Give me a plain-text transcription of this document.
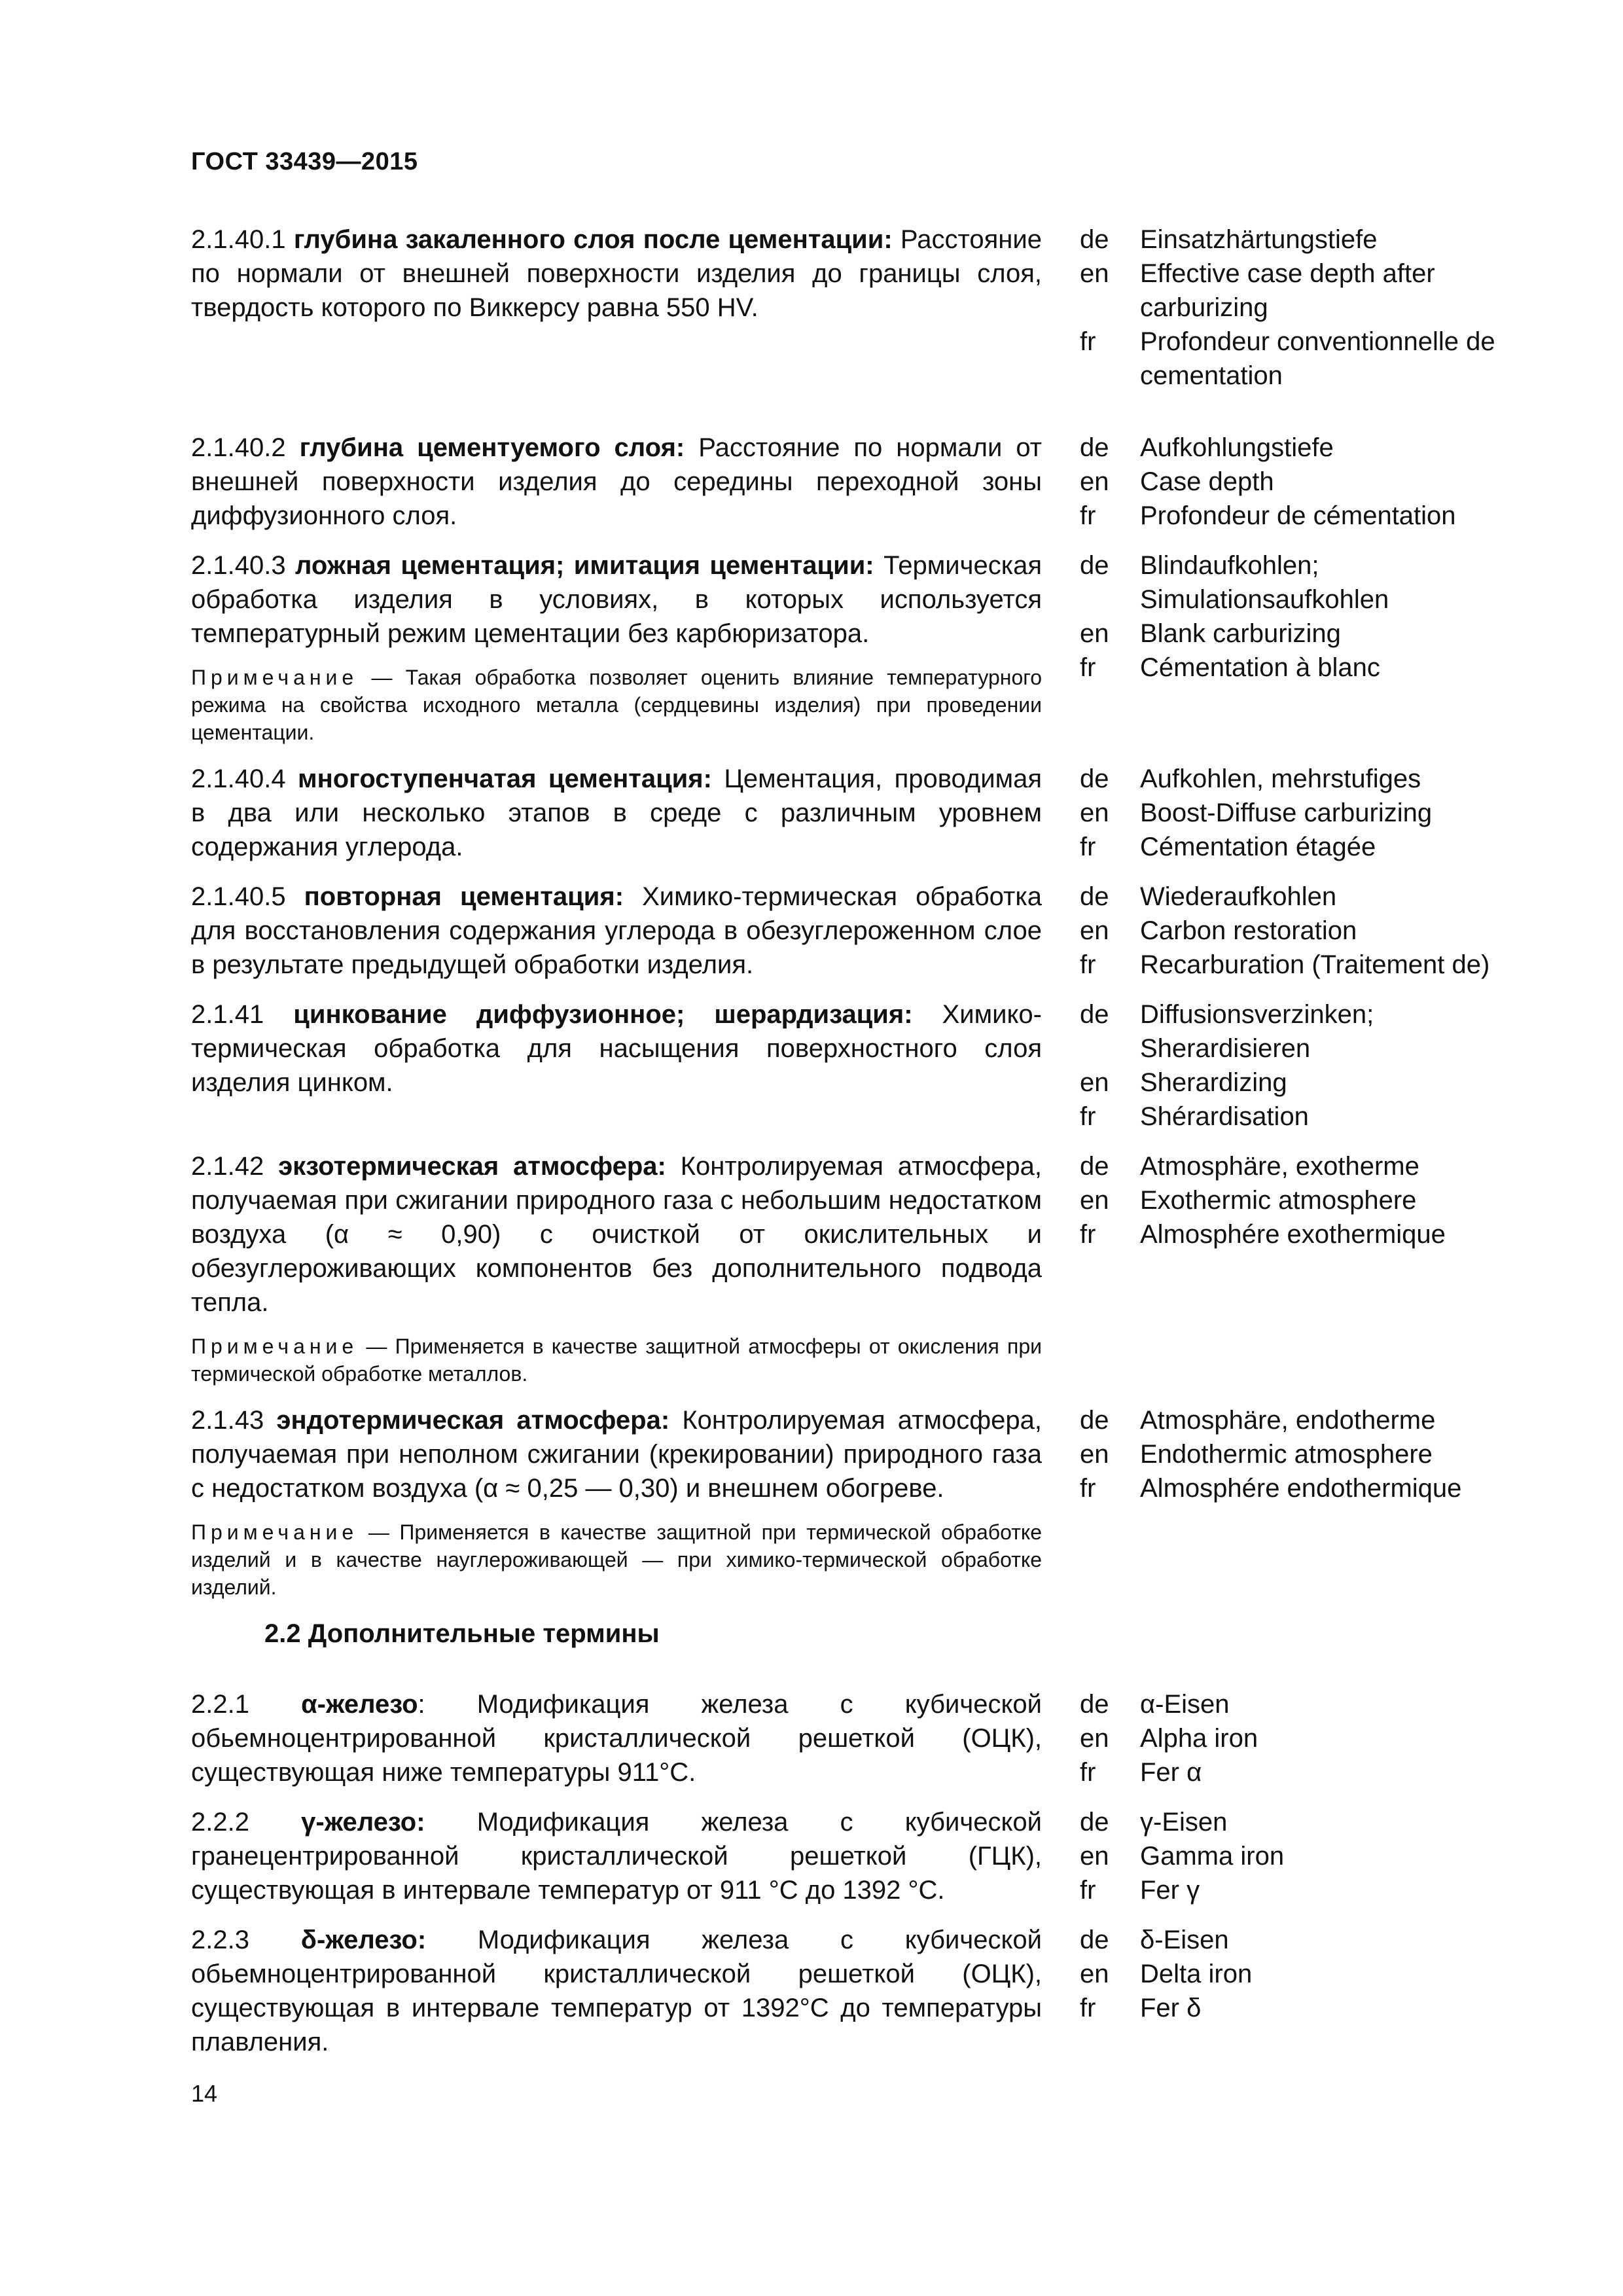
ГОСТ 33439—2015

2.1.40.1 глубина закаленного слоя после цементации: Расстояние по нормали от внешней поверхности изделия до границы слоя, твердость которого по Виккерсу равна 550 HV.

de	Einsatzhärtungstiefe
en	Effective case depth after carburizing
fr	Profondeur conventionnelle de cementation

2.1.40.2 глубина цементуемого слоя: Расстояние по нормали от внешней поверхности изделия до середины переходной зоны диффузионного слоя.

de	Aufkohlungstiefe
en	Case depth
fr	Profondeur de cémentation

2.1.40.3 ложная цементация; имитация цементации: Термическая обработка изделия в условиях, в которых используется температурный режим цементации без карбюризатора.

Примечание — Такая обработка позволяет оценить влияние температурного режима на свойства исходного металла (сердцевины изделия) при проведении цементации.

de	Blindaufkohlen; Simulationsaufkohlen
en	Blank carburizing
fr	Cémentation à blanc

2.1.40.4 многоступенчатая цементация: Цементация, проводимая в два или несколько этапов в среде с различным уровнем содержания углерода.

de	Aufkohlen, mehrstufiges
en	Boost-Diffuse carburizing
fr	Cémentation étagée

2.1.40.5 повторная цементация: Химико-термическая обработка для восстановления содержания углерода в обезуглероженном слое в результате предыдущей обработки изделия.

de	Wiederaufkohlen
en	Carbon restoration
fr	Recarburation (Traitement de)

2.1.41 цинкование диффузионное; шерардизация: Химико-термическая обработка для насыщения поверхностного слоя изделия цинком.

de	Diffusionsverzinken; Sherardisieren
en	Sherardizing
fr	Shérardisation

2.1.42 экзотермическая атмосфера: Контролируемая атмосфера, получаемая при сжигании природного газа с небольшим недостатком воздуха (α ≈ 0,90) с очисткой от окислительных и обезуглероживающих компонентов без дополнительного подвода тепла.

Примечание — Применяется в качестве защитной атмосферы от окисления при термической обработке металлов.

de	Atmosphäre, exotherme
en	Exothermic atmosphere
fr	Almosphére exothermique

2.1.43 эндотермическая атмосфера: Контролируемая атмосфера, получаемая при неполном сжигании (крекировании) природного газа с недостатком воздуха (α ≈ 0,25 — 0,30) и внешнем обогреве.

Примечание — Применяется в качестве защитной при термической обработке изделий и в качестве науглероживающей — при химико-термической обработке изделий.

de	Atmosphäre, endotherme
en	Endothermic atmosphere
fr	Almosphére endothermique
2.2 Дополнительные термины

2.2.1 α-железо: Модификация железа с кубической обьемноцентрированной кристаллической решеткой (ОЦК), существующая ниже температуры 911°С.

de	α-Eisen
en	Alpha iron
fr	Fer α

2.2.2 γ-железо: Модификация железа с кубической гранецентрированной кристаллической решеткой (ГЦК), существующая в интервале температур от 911 °С до 1392 °С.

de	γ-Eisen
en	Gamma iron
fr	Fer γ

2.2.3 δ-железо: Модификация железа с кубической обьемноцентрированной кристаллической решеткой (ОЦК), существующая в интервале температур от 1392°С до температуры плавления.

de	δ-Eisen
en	Delta iron
fr	Fer δ
14
